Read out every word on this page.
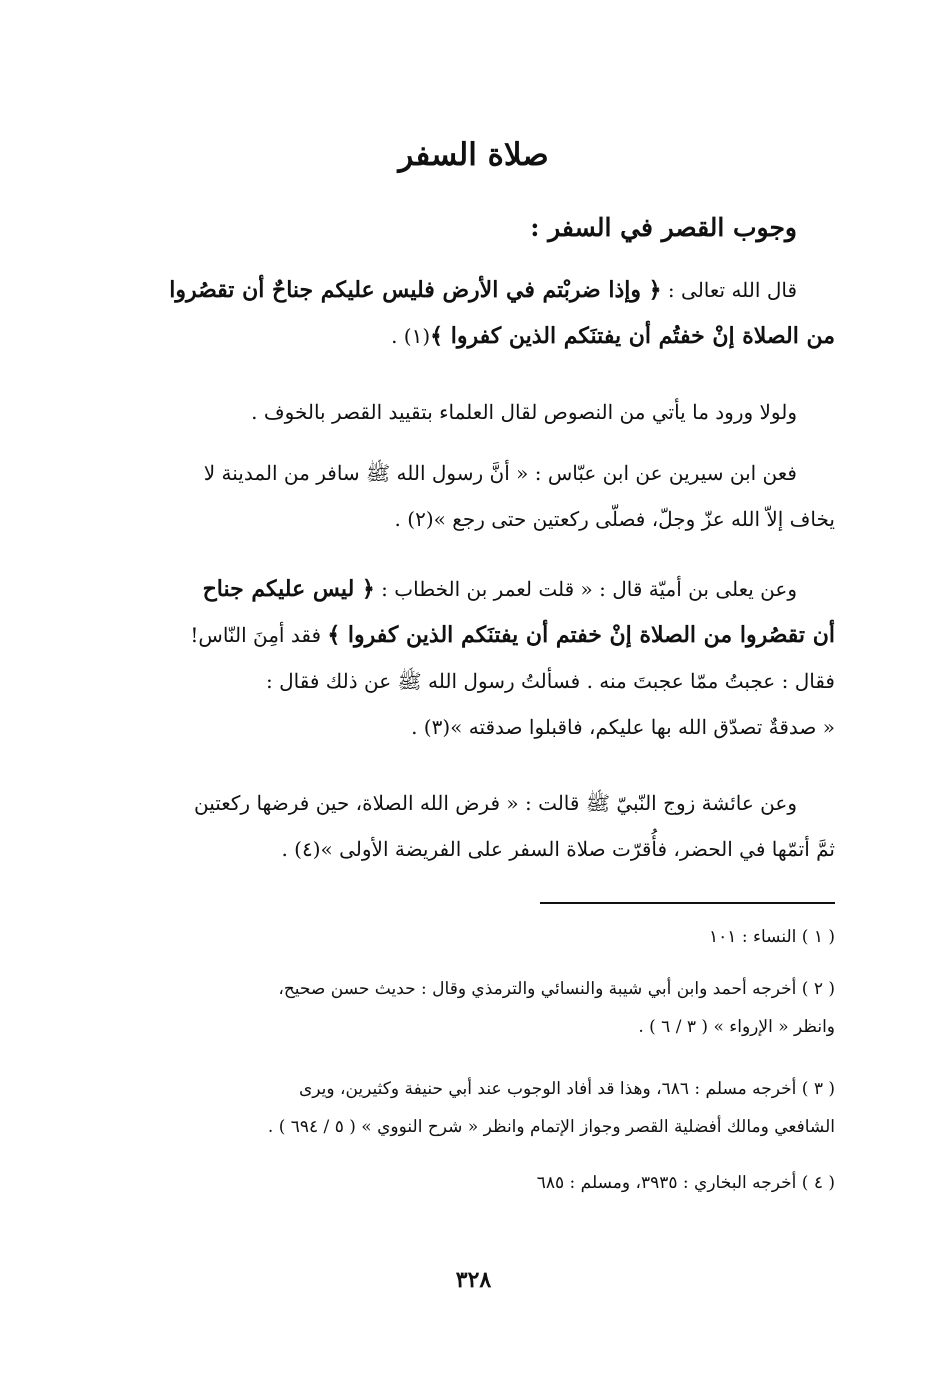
صلاة السفر
وجوب القصر في السفر :
قال الله تعالى : ﴿ وإذا ضربْتم في الأرض فليس عليكم جناحٌ أن تقصُروا
من الصلاة إنْ خفتُم أن يفتنَكم الذين كفروا ﴾(١) .
ولولا ورود ما يأتي من النصوص لقال العلماء بتقييد القصر بالخوف .
فعن ابن سيرين عن ابن عبّاس : « أنَّ رسول الله ﷺ سافر من المدينة لا
يخاف إلاّ الله عزّ وجلّ، فصلّى ركعتين حتى رجع »(٢) .
وعن يعلى بن أميّة قال : « قلت لعمر بن الخطاب : ﴿ ليس عليكم جناح
أن تقصُروا من الصلاة إنْ خفتم أن يفتنَكم الذين كفروا ﴾ فقد أمِنَ النّاس!
فقال : عجبتُ ممّا عجبتَ منه . فسألتُ رسول الله ﷺ عن ذلك فقال :
« صدقةٌ تصدّق الله بها عليكم، فاقبلوا صدقته »(٣) .
وعن عائشة زوج النّبيّ ﷺ قالت : « فرض الله الصلاة، حين فرضها ركعتين
ثمَّ أتمّها في الحضر، فأُقرّت صلاة السفر على الفريضة الأولى »(٤) .
( ١ ) النساء : ١٠١
( ٢ ) أخرجه أحمد وابن أبي شيبة والنسائي والترمذي وقال : حديث حسن صحيح،
وانظر « الإرواء » ( ٣ / ٦ ) .
( ٣ ) أخرجه مسلم : ٦٨٦، وهذا قد أفاد الوجوب عند أبي حنيفة وكثيرين، ويرى
الشافعي ومالك أفضلية القصر وجواز الإتمام وانظر « شرح النووي » ( ٥ / ٦٩٤ ) .
( ٤ ) أخرجه البخاري : ٣٩٣٥، ومسلم : ٦٨٥
٣٢٨
